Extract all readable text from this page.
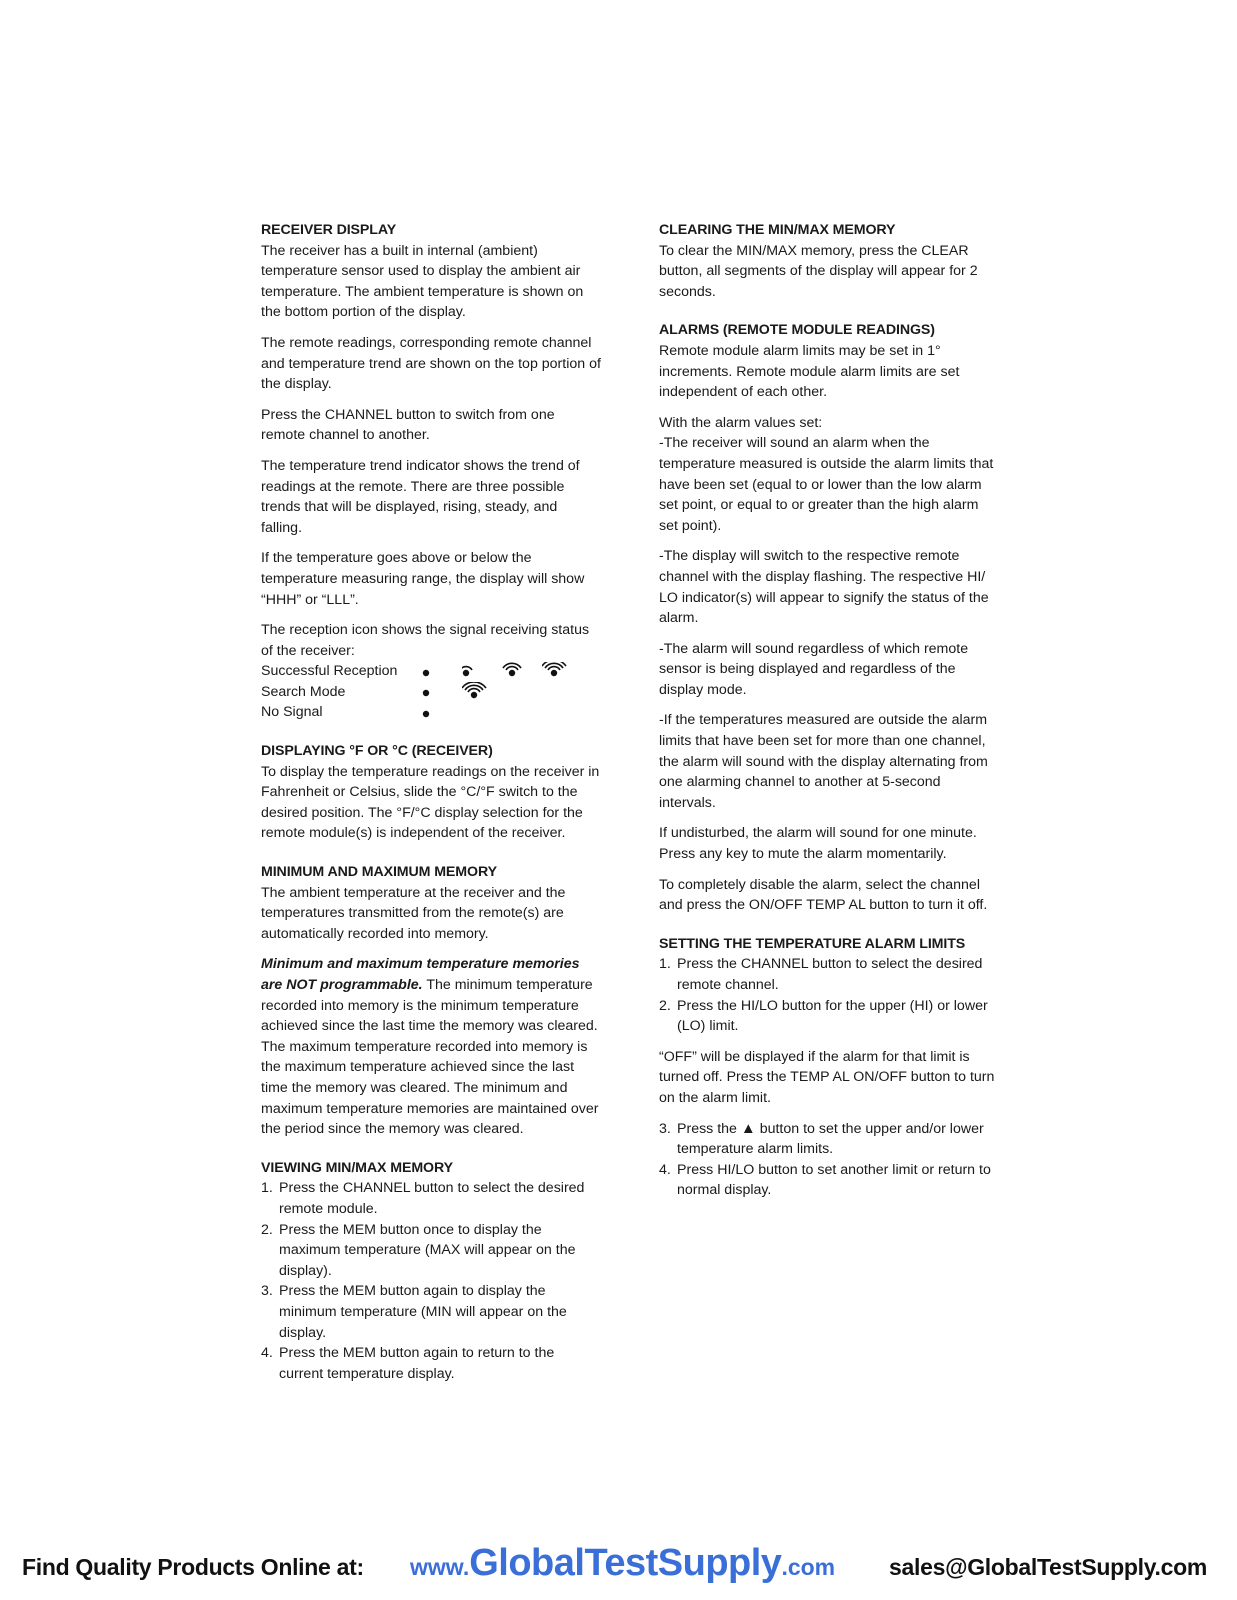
RECEIVER DISPLAY

The receiver has a built in internal (ambient) temperature sensor used to display the ambient air temperature. The ambient temperature is shown on the bottom portion of the display.

The remote readings, corresponding remote channel and temperature trend are shown on the top portion of the display.

Press the CHANNEL button to switch from one remote channel to another.

The temperature trend indicator shows the trend of readings at the remote. There are three possible trends that will be displayed, rising, steady, and falling.

If the temperature goes above or below the temperature measuring range, the display will show “HHH” or “LLL”.

The reception icon shows the signal receiving status of the receiver:
Successful Reception
Search Mode
No Signal
DISPLAYING °F OR °C (RECEIVER)

To display the temperature readings on the receiver in Fahrenheit or Celsius, slide the °C/°F switch to the desired position. The °F/°C display selection for the remote module(s) is independent of the receiver.

MINIMUM AND MAXIMUM MEMORY

The ambient temperature at the receiver and the temperatures transmitted from the remote(s) are automatically recorded into memory.

Minimum and maximum temperature memories are NOT programmable. The minimum temperature recorded into memory is the minimum temperature achieved since the last time the memory was cleared. The maximum temperature recorded into memory is the maximum temperature achieved since the last time the memory was cleared. The minimum and maximum temperature memories are maintained over the period since the memory was cleared.

VIEWING MIN/MAX MEMORY
1. Press the CHANNEL button to select the desired remote module.
2. Press the MEM button once to display the maximum temperature (MAX will appear on the display).
3. Press the MEM button again to display the minimum temperature (MIN will appear on the display.
4. Press the MEM button again to return to the current temperature display.
CLEARING THE MIN/MAX MEMORY

To clear the MIN/MAX memory, press the CLEAR button, all segments of the display will appear for 2 seconds.

ALARMS (REMOTE MODULE READINGS)

Remote module alarm limits may be set in 1° increments. Remote module alarm limits are set independent of each other.

With the alarm values set:

-The receiver will sound an alarm when the temperature measured is outside the alarm limits that have been set (equal to or lower than the low alarm set point, or equal to or greater than the high alarm set point).

-The display will switch to the respective remote channel with the display flashing. The respective HI/ LO indicator(s) will appear to signify the status of the alarm.

-The alarm will sound regardless of which remote sensor is being displayed and regardless of the display mode.

-If the temperatures measured are outside the alarm limits that have been set for more than one channel, the alarm will sound with the display alternating from one alarming channel to another at 5-second intervals.

If undisturbed, the alarm will sound for one minute. Press any key to mute the alarm momentarily.

To completely disable the alarm, select the channel and press the ON/OFF TEMP AL button to turn it off.

SETTING THE TEMPERATURE ALARM LIMITS
1. Press the CHANNEL button to select the desired remote channel.
2. Press the HI/LO button for the upper (HI) or lower (LO) limit.

“OFF” will be displayed if the alarm for that limit is turned off. Press the TEMP AL ON/OFF button to turn on the alarm limit.

3. Press the ▲ button to set the upper and/or lower temperature alarm limits.
4. Press HI/LO button to set another limit or return to normal display.
Find Quality Products Online at: www.GlobalTestSupply.com sales@GlobalTestSupply.com
